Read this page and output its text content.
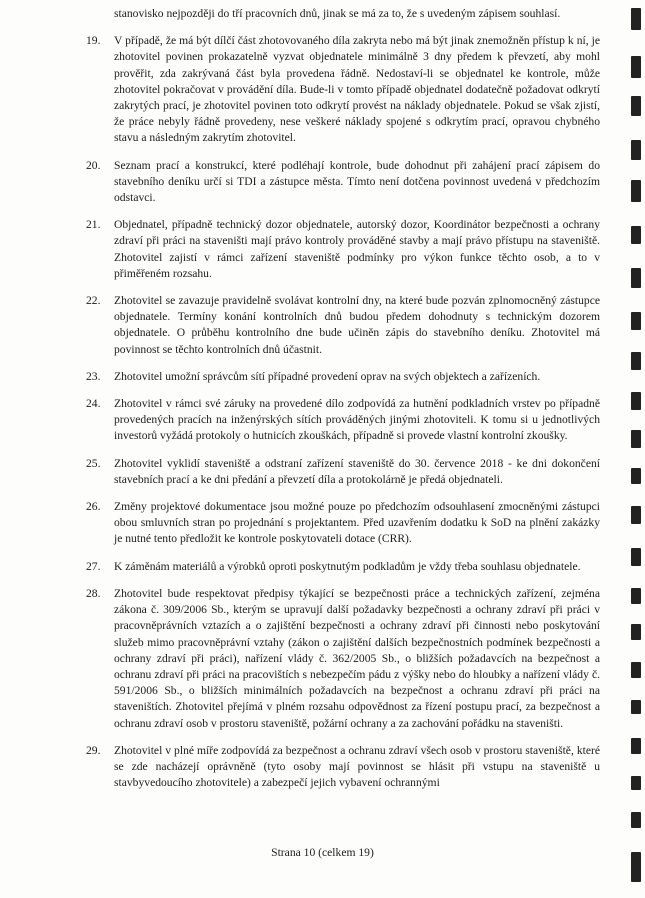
stanovisko nejpozději do tří pracovních dnů, jinak se má za to, že s uvedeným zápisem souhlasí.
19.	V případě, že má být dílčí část zhotovovaného díla zakryta nebo má být jinak znemožněn přístup k ní, je zhotovitel povinen prokazatelně vyzvat objednatele minimálně 3 dny předem k převzetí, aby mohl prověřit, zda zakrývaná část byla provedena řádně. Nedostaví-li se objednatel ke kontrole, může zhotovitel pokračovat v provádění díla. Bude-li v tomto případě objednatel dodatečně požadovat odkrytí zakrytých prací, je zhotovitel povinen toto odkrytí provést na náklady objednatele. Pokud se však zjistí, že práce nebyly řádně provedeny, nese veškeré náklady spojené s odkrytím prací, opravou chybného stavu a následným zakrytím zhotovitel.
20.	Seznam prací a konstrukcí, které podléhají kontrole, bude dohodnut při zahájení prací zápisem do stavebního deníku určí si TDI a zástupce města. Tímto není dotčena povinnost uvedená v předchozím odstavci.
21.	Objednatel, případně technický dozor objednatele, autorský dozor, Koordinátor bezpečnosti a ochrany zdraví při práci na staveništi mají právo kontroly prováděné stavby a mají právo přístupu na staveniště. Zhotovitel zajistí v rámci zařízení staveniště podmínky pro výkon funkce těchto osob, a to v přiměřeném rozsahu.
22.	Zhotovitel se zavazuje pravidelně svolávat kontrolní dny, na které bude pozván zplnomocněný zástupce objednatele. Termíny konání kontrolních dnů budou předem dohodnuty s technickým dozorem objednatele. O průběhu kontrolního dne bude učiněn zápis do stavebního deníku. Zhotovitel má povinnost se těchto kontrolních dnů účastnit.
23.	Zhotovitel umožní správcům sítí případné provedení oprav na svých objektech a zařízeních.
24.	Zhotovitel v rámci své záruky na provedené dílo zodpovídá za hutnění podkladních vrstev po případně provedených pracích na inženýrských sítích prováděných jinými zhotoviteli. K tomu si u jednotlivých investorů vyžádá protokoly o hutnicích zkouškách, případně si provede vlastní kontrolní zkoušky.
25.	Zhotovitel vyklidí staveniště a odstraní zařízení staveniště do 30. července 2018 - ke dni dokončení stavebních prací a ke dni předání a převzetí díla a protokolárně je předá objednateli.
26.	Změny projektové dokumentace jsou možné pouze po předchozím odsouhlasení zmocněnými zástupci obou smluvních stran po projednání s projektantem. Před uzavřením dodatku k SoD na plnění zakázky je nutné tento předložit ke kontrole poskytovateli dotace (CRR).
27.	K záměnám materiálů a výrobků oproti poskytnutým podkladům je vždy třeba souhlasu objednatele.
28.	Zhotovitel bude respektovat předpisy týkající se bezpečnosti práce a technických zařízení, zejména zákona č. 309/2006 Sb., kterým se upravují další požadavky bezpečnosti a ochrany zdraví při práci v pracovněprávních vztazích a o zajištění bezpečnosti a ochrany zdraví při činnosti nebo poskytování služeb mimo pracovněprávní vztahy (zákon o zajištění dalších bezpečnostních podmínek bezpečnosti a ochrany zdraví při práci), nařízení vlády č. 362/2005 Sb., o bližších požadavcích na bezpečnost a ochranu zdraví při práci na pracovištích s nebezpečím pádu z výšky nebo do hloubky a nařízení vlády č. 591/2006 Sb., o bližších minimálních požadavcích na bezpečnost a ochranu zdraví při práci na staveništích. Zhotovitel přejímá v plném rozsahu odpovědnost za řízení postupu prací, za bezpečnost a ochranu zdraví osob v prostoru staveniště, požární ochrany a za zachování pořádku na staveništi.
29.	Zhotovitel v plné míře zodpovídá za bezpečnost a ochranu zdraví všech osob v prostoru staveniště, které se zde nacházejí oprávněně (tyto osoby mají povinnost se hlásit při vstupu na staveniště u stavbyvedoucího zhotovitele) a zabezpečí jejich vybavení ochrannými
Strana 10 (celkem 19)
